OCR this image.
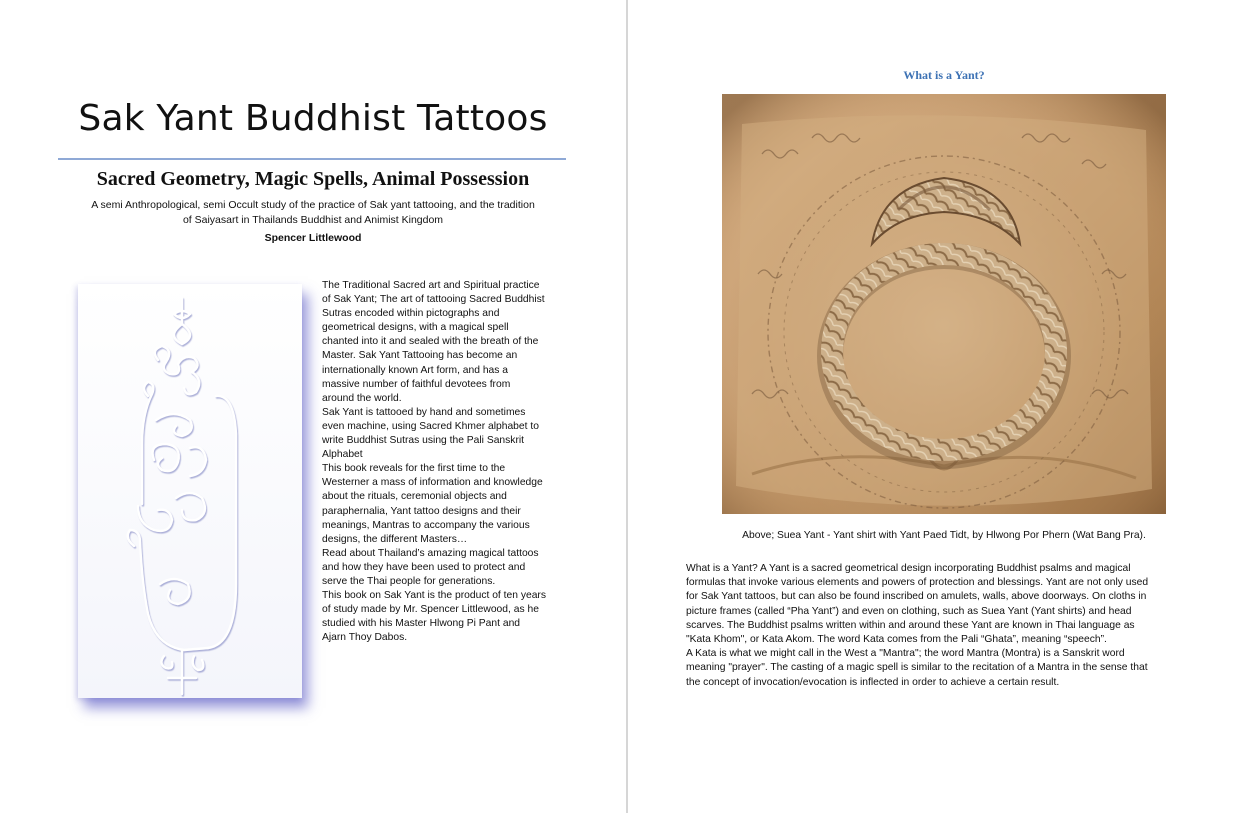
Sak Yant Buddhist Tattoos
Sacred Geometry, Magic Spells, Animal Possession
A semi Anthropological, semi Occult study of the practice of Sak yant tattooing, and the tradition
of Saiyasart in Thailands Buddhist and Animist Kingdom
Spencer Littlewood

The Traditional Sacred art and Spiritual practice

of Sak Yant; The art of tattooing Sacred Buddhist

Sutras encoded within pictographs and

geometrical designs, with a magical spell

chanted into it and sealed with the breath of the

Master. Sak Yant Tattooing has become an

internationally known Art form, and has a

massive number of faithful devotees from

around the world.

Sak Yant is tattooed by hand and sometimes

even machine, using Sacred Khmer alphabet to

write Buddhist Sutras using the Pali Sanskrit

Alphabet

This book reveals for the first time to the

Westerner a mass of information and knowledge

about the rituals, ceremonial objects and

paraphernalia, Yant tattoo designs and their

meanings, Mantras to accompany the various

designs, the different Masters…

Read about Thailand’s amazing magical tattoos

and how they have been used to protect and

serve the Thai people for generations.

This book on Sak Yant is the product of ten years

of study made by Mr. Spencer Littlewood, as he

studied with his Master Hlwong Pi Pant and

Ajarn Thoy Dabos.

What is a Yant?
Above; Suea Yant - Yant shirt with Yant Paed Tidt, by Hlwong Por Phern (Wat Bang Pra).

What is a Yant? A Yant is a sacred geometrical design incorporating Buddhist psalms and magical

formulas that invoke various elements and powers of protection and blessings. Yant are not only used

for Sak Yant tattoos, but can also be found inscribed on amulets, walls, above doorways. On cloths in

picture frames (called “Pha Yant”) and even on clothing, such as Suea Yant (Yant shirts) and head

scarves. The Buddhist psalms written within and around these Yant are known in Thai language as

"Kata Khom", or Kata Akom. The word Kata comes from the Pali “Ghata”, meaning “speech”.

A Kata is what we might call in the West a "Mantra"; the word Mantra (Montra) is a Sanskrit word

meaning "prayer". The casting of a magic spell is similar to the recitation of a Mantra in the sense that

the concept of invocation/evocation is inflected in order to achieve a certain result.
